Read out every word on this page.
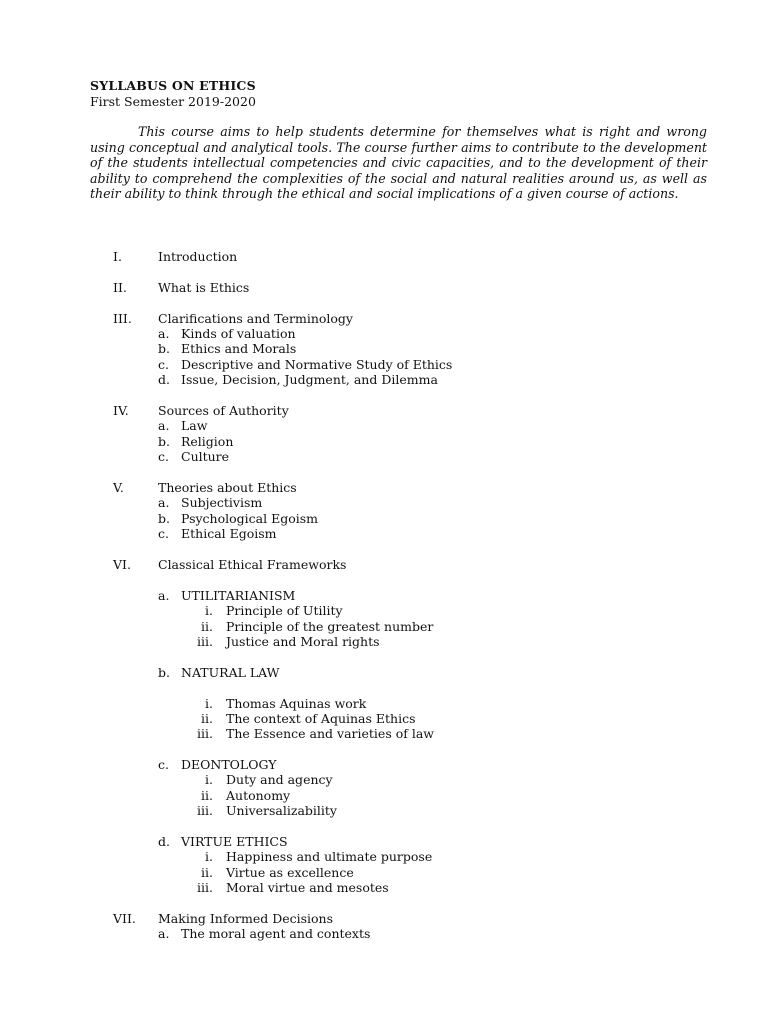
SYLLABUS ON ETHICS
First Semester 2019-2020

This course aims to help students determine for themselves what is right and wrong using conceptual and analytical tools. The course further aims to contribute to the development of the students intellectual competencies and civic capacities, and to the development of their ability to comprehend the complexities of the social and natural realities around us, as well as their ability to think through the ethical and social implications of a given course of actions.

I.	Introduction
II. What is Ethics
III. Clarifications and Terminology
a. Kinds of valuation
b. Ethics and Morals
c. Descriptive and Normative Study of Ethics
d. Issue, Decision, Judgment, and Dilemma
IV. Sources of Authority
a. Law
b. Religion
c. Culture
V.	Theories about Ethics
a. Subjectivism
b. Psychological Egoism
c. Ethical Egoism
VI. Classical Ethical Frameworks
a. UTILITARIANISM
i. Principle of Utility
ii. Principle of the greatest number
iii. Justice and Moral rights
b. NATURAL LAW
i. Thomas Aquinas work
ii. The context of Aquinas Ethics
iii. The Essence and varieties of law
c. DEONTOLOGY
i. Duty and agency
ii. Autonomy
iii. Universalizability
d. VIRTUE ETHICS
i. Happiness and ultimate purpose
ii. Virtue as excellence
iii. Moral virtue and mesotes
VII. Making Informed Decisions
a. The moral agent and contexts
